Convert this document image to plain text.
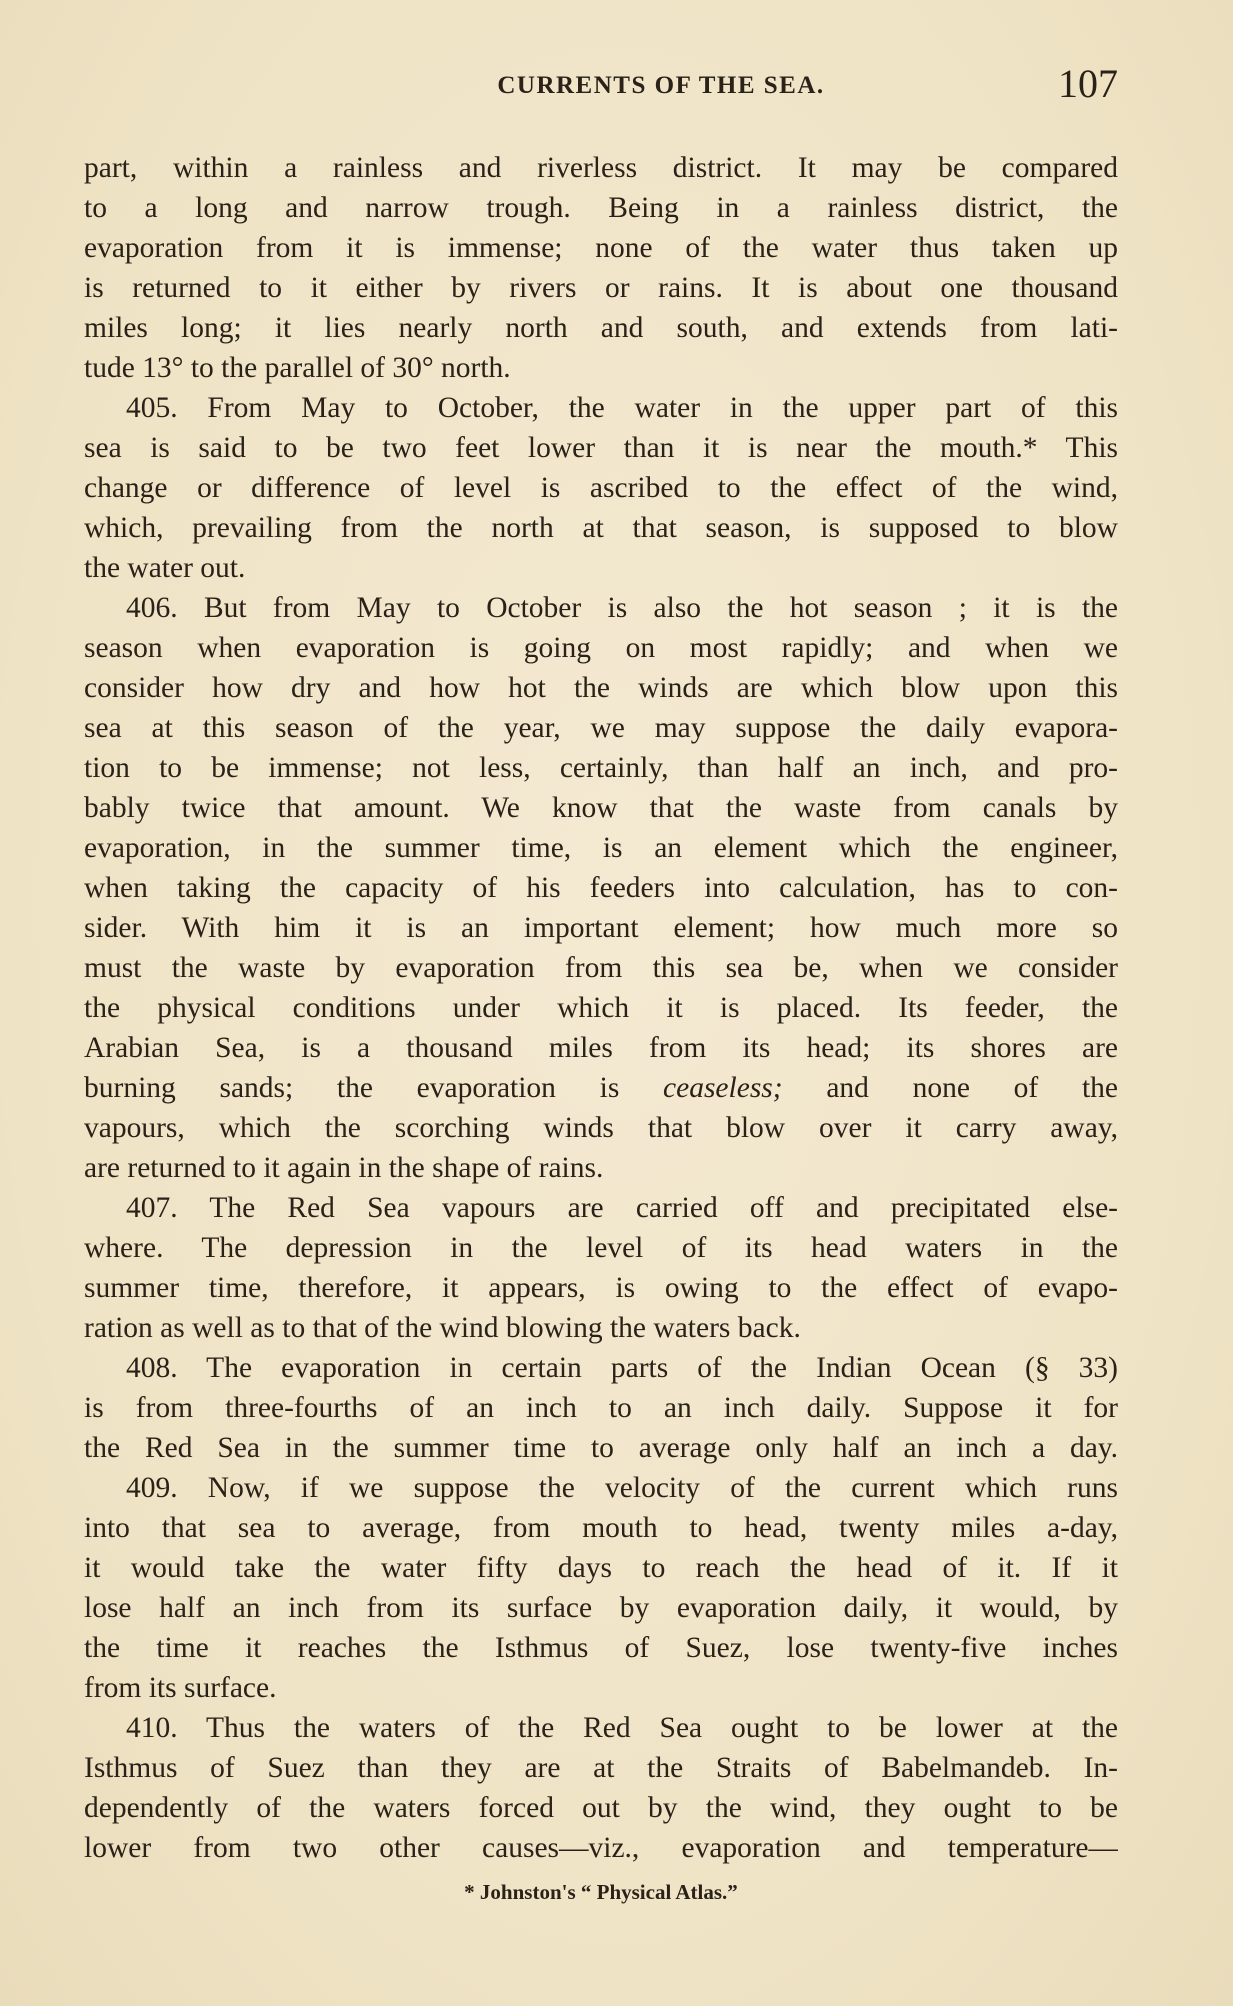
CURRENTS OF THE SEA.	107
part, within a rainless and riverless district. It may be compared
to a long and narrow trough. Being in a rainless district, the
evaporation from it is immense; none of the water thus taken up
is returned to it either by rivers or rains. It is about one thousand
miles long; it lies nearly north and south, and extends from lati-
tude 13° to the parallel of 30° north.
405. From May to October, the water in the upper part of this
sea is said to be two feet lower than it is near the mouth.* This
change or difference of level is ascribed to the effect of the wind,
which, prevailing from the north at that season, is supposed to blow
the water out.
406. But from May to October is also the hot season ; it is the
season when evaporation is going on most rapidly; and when we
consider how dry and how hot the winds are which blow upon this
sea at this season of the year, we may suppose the daily evapora-
tion to be immense; not less, certainly, than half an inch, and pro-
bably twice that amount. We know that the waste from canals by
evaporation, in the summer time, is an element which the engineer,
when taking the capacity of his feeders into calculation, has to con-
sider. With him it is an important element; how much more so
must the waste by evaporation from this sea be, when we consider
the physical conditions under which it is placed. Its feeder, the
Arabian Sea, is a thousand miles from its head; its shores are
burning sands; the evaporation is ceaseless; and none of the
vapours, which the scorching winds that blow over it carry away,
are returned to it again in the shape of rains.
407. The Red Sea vapours are carried off and precipitated else-
where. The depression in the level of its head waters in the
summer time, therefore, it appears, is owing to the effect of evapo-
ration as well as to that of the wind blowing the waters back.
408. The evaporation in certain parts of the Indian Ocean (§ 33)
is from three-fourths of an inch to an inch daily. Suppose it for
the Red Sea in the summer time to average only half an inch a day.
409. Now, if we suppose the velocity of the current which runs
into that sea to average, from mouth to head, twenty miles a-day,
it would take the water fifty days to reach the head of it. If it
lose half an inch from its surface by evaporation daily, it would, by
the time it reaches the Isthmus of Suez, lose twenty-five inches
from its surface.
410. Thus the waters of the Red Sea ought to be lower at the
Isthmus of Suez than they are at the Straits of Babelmandeb. In-
dependently of the waters forced out by the wind, they ought to be
lower from two other causes—viz., evaporation and temperature—
* Johnston's “ Physical Atlas.”
